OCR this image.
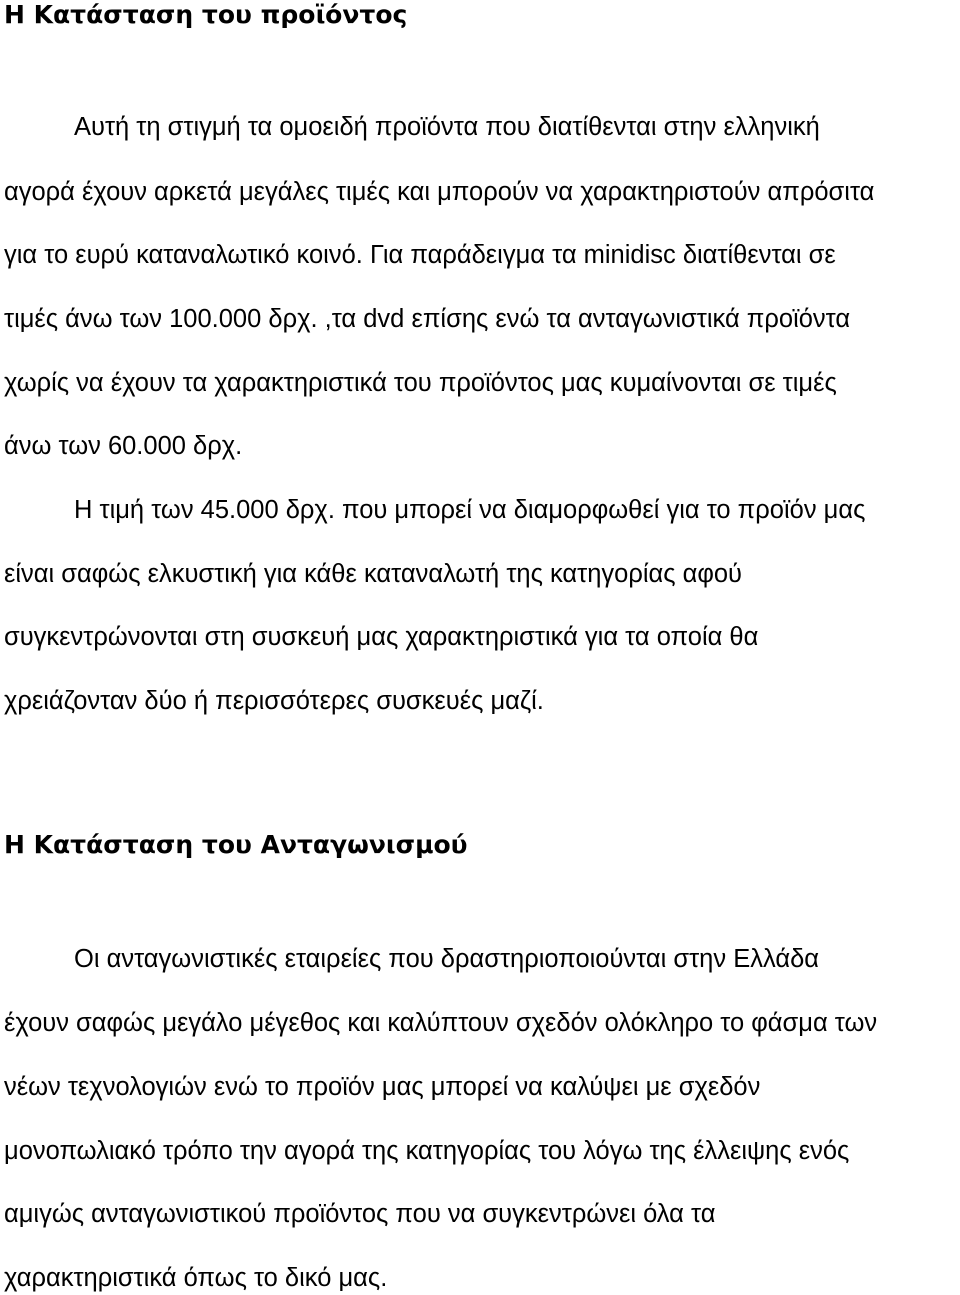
Η Κατάσταση του προϊόντος

Αυτή τη στιγμή τα ομοειδή προϊόντα που διατίθενται στην ελληνική

αγορά έχουν αρκετά μεγάλες τιμές και μπορούν να χαρακτηριστούν απρόσιτα

για το ευρύ καταναλωτικό κοινό. Για παράδειγμα τα minidisc διατίθενται σε

τιμές άνω των 100.000 δρχ. ,τα dvd επίσης ενώ τα ανταγωνιστικά προϊόντα

χωρίς να έχουν τα χαρακτηριστικά του προϊόντος μας κυμαίνονται σε τιμές

άνω των 60.000 δρχ.

Η τιμή των 45.000 δρχ. που μπορεί να διαμορφωθεί για το προϊόν μας

είναι σαφώς ελκυστική για κάθε καταναλωτή της κατηγορίας αφού

συγκεντρώνονται στη συσκευή μας χαρακτηριστικά για τα οποία θα

χρειάζονταν δύο ή περισσότερες συσκευές μαζί.

Η Κατάσταση του Ανταγωνισμού

Οι ανταγωνιστικές εταιρείες που δραστηριοποιούνται στην Ελλάδα

έχουν σαφώς μεγάλο μέγεθος και καλύπτουν σχεδόν ολόκληρο το φάσμα των

νέων τεχνολογιών ενώ το προϊόν μας μπορεί να καλύψει με σχεδόν

μονοπωλιακό τρόπο την αγορά της κατηγορίας του λόγω της έλλειψης ενός

αμιγώς ανταγωνιστικού προϊόντος που να συγκεντρώνει όλα τα

χαρακτηριστικά όπως το δικό μας.
